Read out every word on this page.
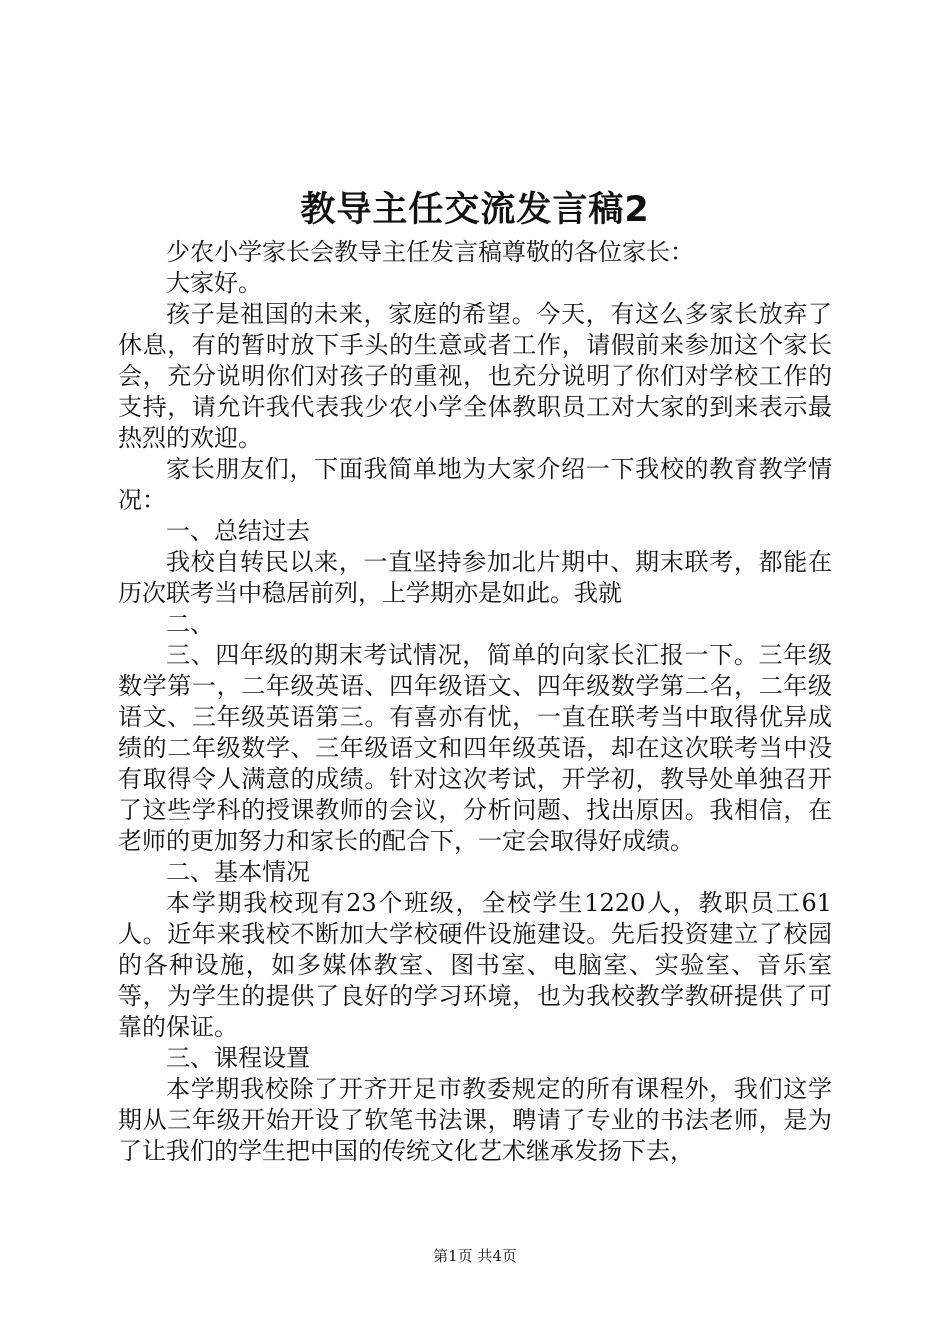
教导主任交流发言稿2

少农小学家长会教导主任发言稿尊敬的各位家长：

大家好。

孩子是祖国的未来，家庭的希望。今天，有这么多家长放弃了休息，有的暂时放下手头的生意或者工作，请假前来参加这个家长会，充分说明你们对孩子的重视，也充分说明了你们对学校工作的支持，请允许我代表我少农小学全体教职员工对大家的到来表示最热烈的欢迎。

家长朋友们，下面我简单地为大家介绍一下我校的教育教学情况：

一、总结过去

我校自转民以来，一直坚持参加北片期中、期末联考，都能在历次联考当中稳居前列，上学期亦是如此。我就

二、

三、四年级的期末考试情况，简单的向家长汇报一下。三年级数学第一，二年级英语、四年级语文、四年级数学第二名，二年级语文、三年级英语第三。有喜亦有忧，一直在联考当中取得优异成绩的二年级数学、三年级语文和四年级英语，却在这次联考当中没有取得令人满意的成绩。针对这次考试，开学初，教导处单独召开了这些学科的授课教师的会议，分析问题、找出原因。我相信，在老师的更加努力和家长的配合下，一定会取得好成绩。

二、基本情况

本学期我校现有23个班级，全校学生1220人，教职员工61人。近年来我校不断加大学校硬件设施建设。先后投资建立了校园的各种设施，如多媒体教室、图书室、电脑室、实验室、音乐室等，为学生的提供了良好的学习环境，也为我校教学教研提供了可靠的保证。

三、课程设置

本学期我校除了开齐开足市教委规定的所有课程外，我们这学期从三年级开始开设了软笔书法课，聘请了专业的书法老师，是为了让我们的学生把中国的传统文化艺术继承发扬下去，

第1页 共4页
